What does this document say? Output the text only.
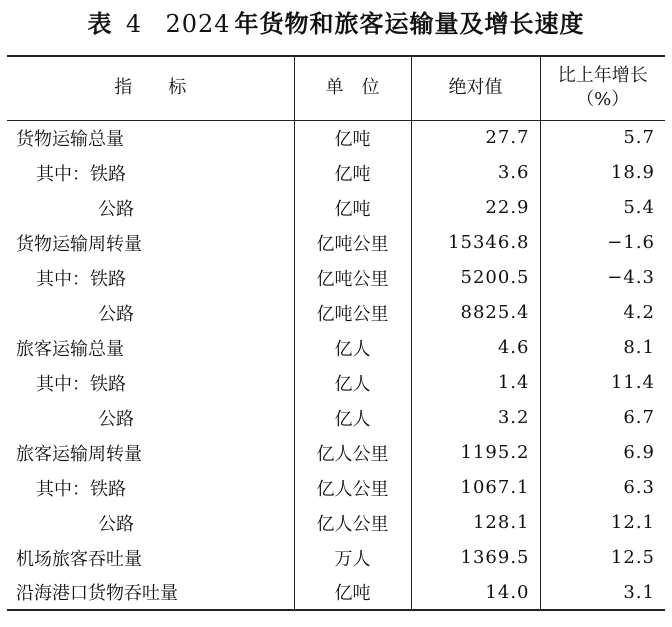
表 4 2024 年货物和旅客运输量及增长速度
指　　标	单　位	绝对值	比上年增长
（%）

货物运输总量	亿吨	27.7	5.7
其中：铁路	亿吨	3.6	18.9
公路	亿吨	22.9	5.4
货物运输周转量	亿吨公里	15346.8	−1.6
其中：铁路	亿吨公里	5200.5	−4.3
公路	亿吨公里	8825.4	4.2
旅客运输总量	亿人	4.6	8.1
其中：铁路	亿人	1.4	11.4
公路	亿人	3.2	6.7
旅客运输周转量	亿人公里	1195.2	6.9
其中：铁路	亿人公里	1067.1	6.3
公路	亿人公里	128.1	12.1
机场旅客吞吐量	万人	1369.5	12.5
沿海港口货物吞吐量	亿吨	14.0	3.1
